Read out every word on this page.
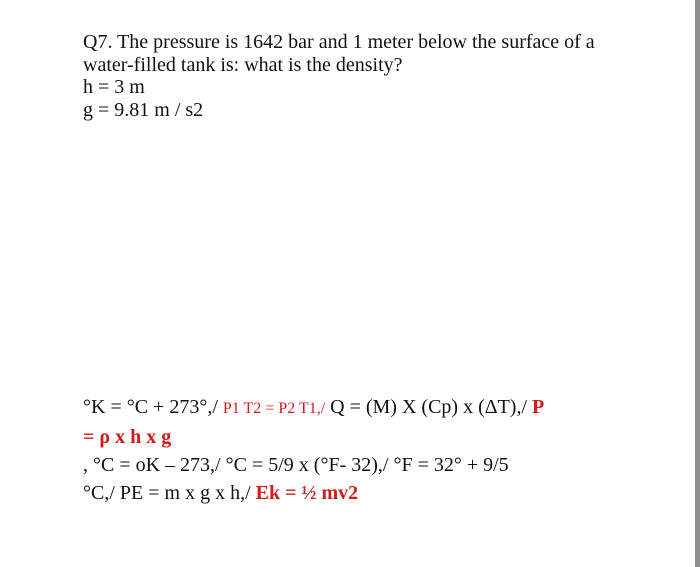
Q7. The pressure is 1642 bar and 1 meter below the surface of a

water-filled tank is: what is the density?

h = 3 m

g = 9.81 m / s2

°K = °C + 273°,/ P1 T2 = P2 T1,/ Q = (M) X (Cp) x (ΔT),/ P

= ρ x h x g

, °C = oK – 273,/ °C = 5/9 x (°F- 32),/ °F = 32° + 9/5

°C,/ PE = m x g x h,/ Ek = ½ mv2
